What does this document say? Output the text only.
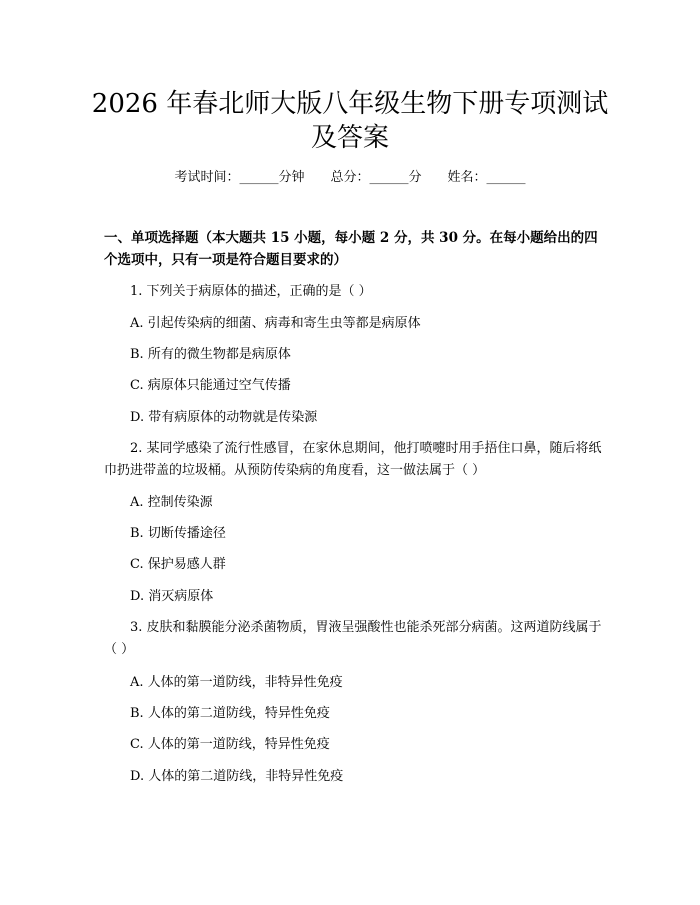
2026 年春北师大版八年级生物下册专项测试
及答案
考试时间：______分钟 总分：______分 姓名：______

一、单项选择题（本大题共 15 小题，每小题 2 分，共 30 分。在每小题给出的四个选项中，只有一项是符合题目要求的）

1. 下列关于病原体的描述，正确的是（ ）

A. 引起传染病的细菌、病毒和寄生虫等都是病原体

B. 所有的微生物都是病原体

C. 病原体只能通过空气传播

D. 带有病原体的动物就是传染源

2. 某同学感染了流行性感冒，在家休息期间，他打喷嚏时用手捂住口鼻，随后将纸巾扔进带盖的垃圾桶。从预防传染病的角度看，这一做法属于（ ）

A. 控制传染源

B. 切断传播途径

C. 保护易感人群

D. 消灭病原体

3. 皮肤和黏膜能分泌杀菌物质，胃液呈强酸性也能杀死部分病菌。这两道防线属于（ ）

A. 人体的第一道防线，非特异性免疫

B. 人体的第二道防线，特异性免疫

C. 人体的第一道防线，特异性免疫

D. 人体的第二道防线，非特异性免疫
